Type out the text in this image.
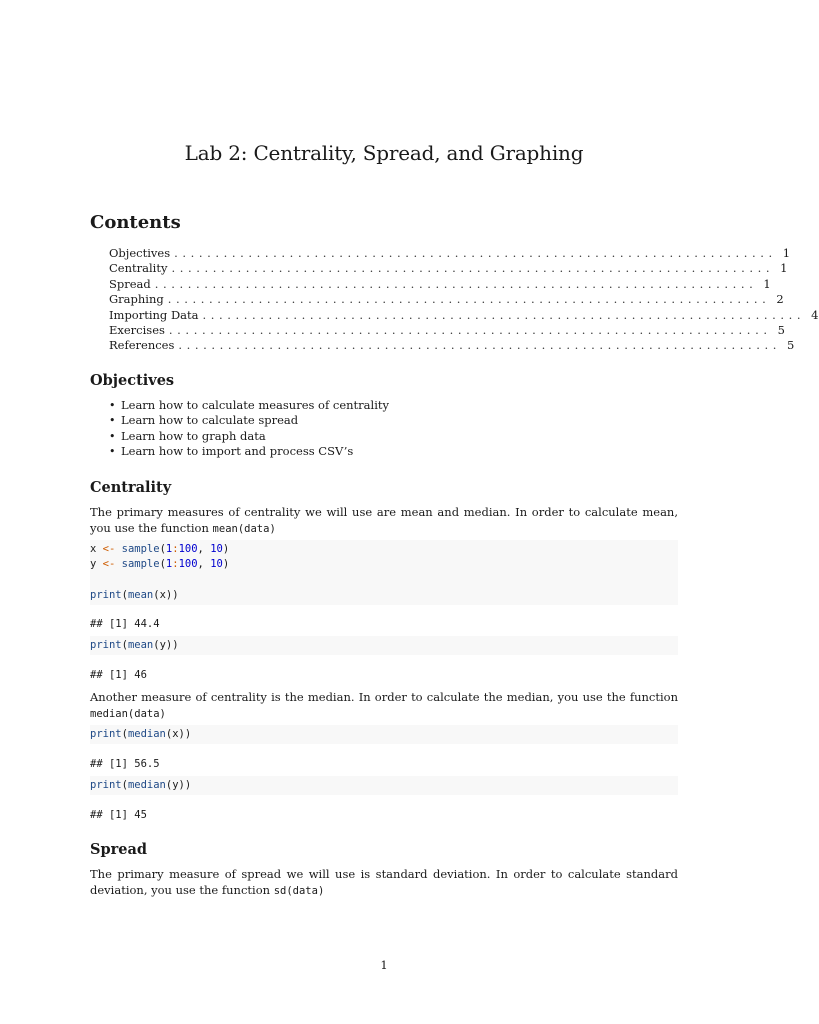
Lab 2: Centrality, Spread, and Graphing
Contents
Objectives ......................................................................... 1
Centrality ......................................................................... 1
Spread ......................................................................... 1
Graphing ......................................................................... 2
Importing Data ......................................................................... 4
Exercises ......................................................................... 5
References ......................................................................... 5
Objectives
• Learn how to calculate measures of centrality
• Learn how to calculate spread
• Learn how to graph data
• Learn how to import and process CSV’s
Centrality

The primary measures of centrality we will use are mean and median. In order to calculate mean, you use the function mean(data)

x <- sample(1:100, 10)
y <- sample(1:100, 10)

print(mean(x))
## [1] 44.4
print(mean(y))
## [1] 46

Another measure of centrality is the median. In order to calculate the median, you use the function median(data)

print(median(x))
## [1] 56.5
print(median(y))
## [1] 45
Spread

The primary measure of spread we will use is standard deviation. In order to calculate standard deviation, you use the function sd(data)

1
